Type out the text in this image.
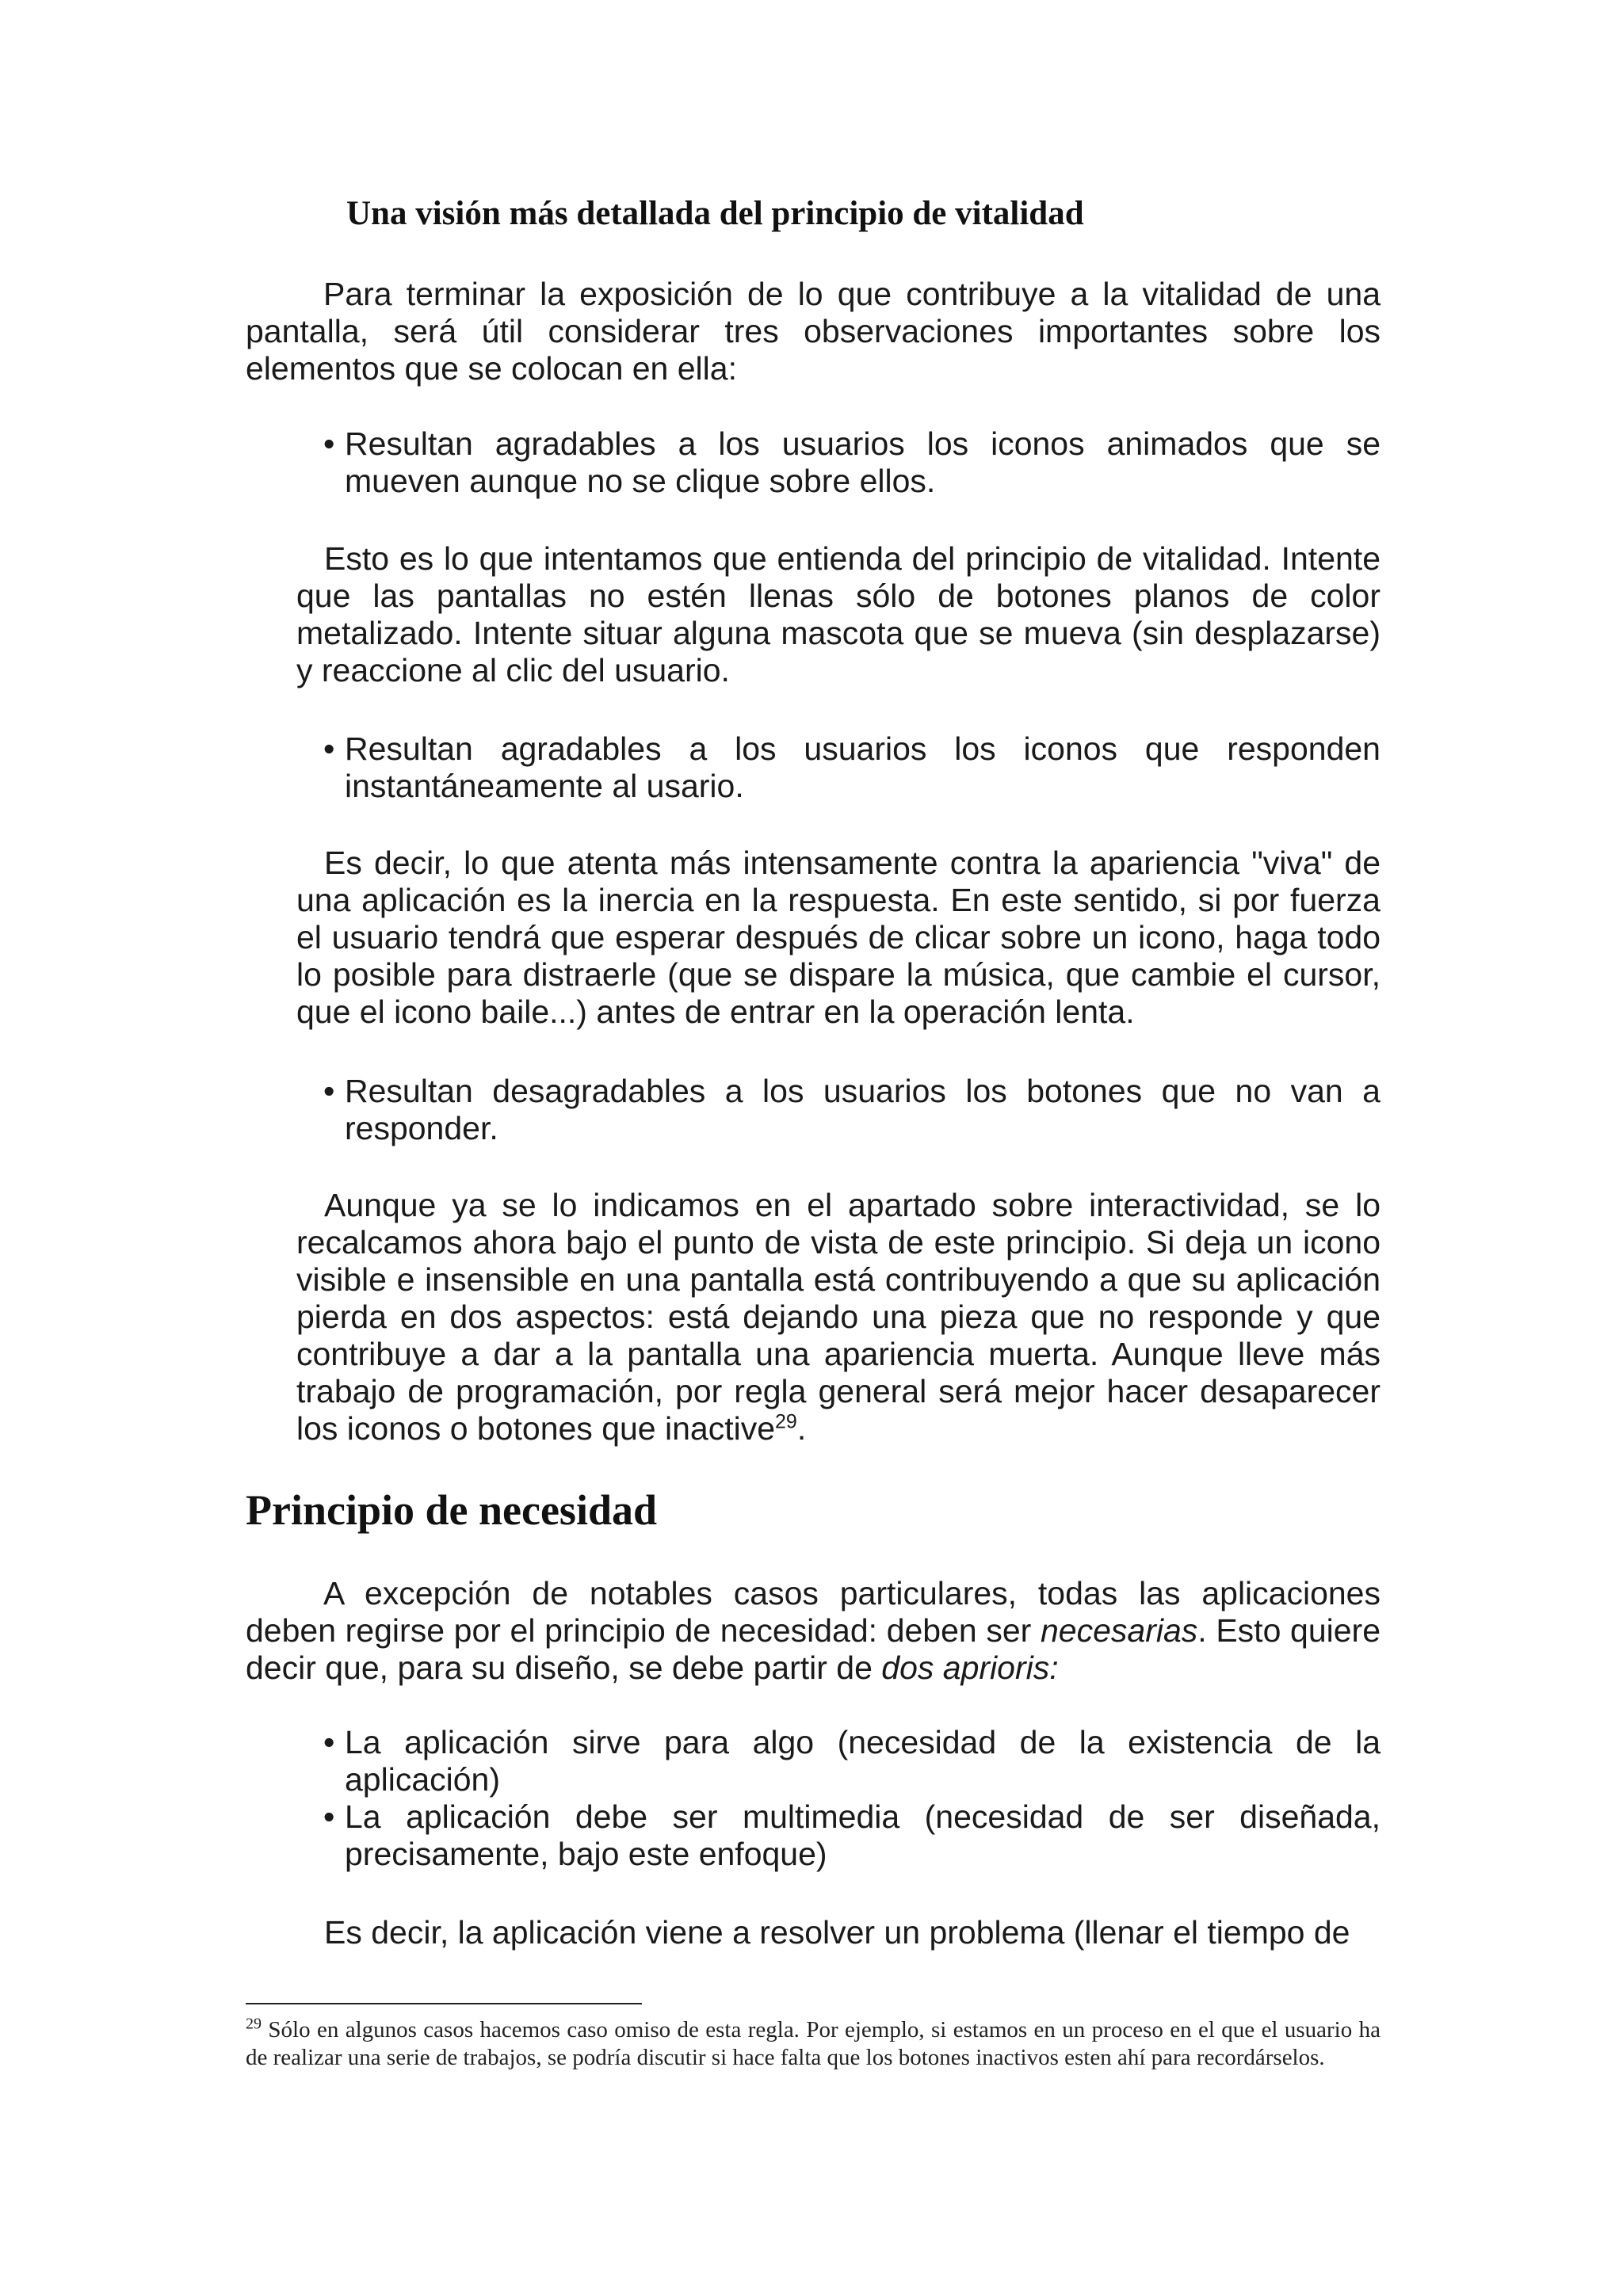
Una visión más detallada del principio de vitalidad

Para terminar la exposición de lo que contribuye a la vitalidad de una pantalla, será útil considerar tres observaciones importantes sobre los elementos que se colocan en ella:

• Resultan agradables a los usuarios los iconos animados que se mueven aunque no se clique sobre ellos.

Esto es lo que intentamos que entienda del principio de vitalidad. Intente que las pantallas no estén llenas sólo de botones planos de color metalizado. Intente situar alguna mascota que se mueva (sin desplazarse) y reaccione al clic del usuario.

• Resultan agradables a los usuarios los iconos que responden instantáneamente al usario.

Es decir, lo que atenta más intensamente contra la apariencia "viva" de una aplicación es la inercia en la respuesta. En este sentido, si por fuerza el usuario tendrá que esperar después de clicar sobre un icono, haga todo lo posible para distraerle (que se dispare la música, que cambie el cursor, que el icono baile...) antes de entrar en la operación lenta.

• Resultan desagradables a los usuarios los botones que no van a responder.

Aunque ya se lo indicamos en el apartado sobre interactividad, se lo recalcamos ahora bajo el punto de vista de este principio. Si deja un icono visible e insensible en una pantalla está contribuyendo a que su aplicación pierda en dos aspectos: está dejando una pieza que no responde y que contribuye a dar a la pantalla una apariencia muerta. Aunque lleve más trabajo de programación, por regla general será mejor hacer desaparecer los iconos o botones que inactive$^{29}$.

Principio de necesidad

A excepción de notables casos particulares, todas las aplicaciones deben regirse por el principio de necesidad: deben ser necesarias. Esto quiere decir que, para su diseño, se debe partir de dos aprioris:

• La aplicación sirve para algo (necesidad de la existencia de la aplicación)
• La aplicación debe ser multimedia (necesidad de ser diseñada, precisamente, bajo este enfoque)

Es decir, la aplicación viene a resolver un problema (llenar el tiempo de

$^{29}$ Sólo en algunos casos hacemos caso omiso de esta regla. Por ejemplo, si estamos en un proceso en el que el usuario ha de realizar una serie de trabajos, se podría discutir si hace falta que los botones inactivos esten ahí para recordárselos.
